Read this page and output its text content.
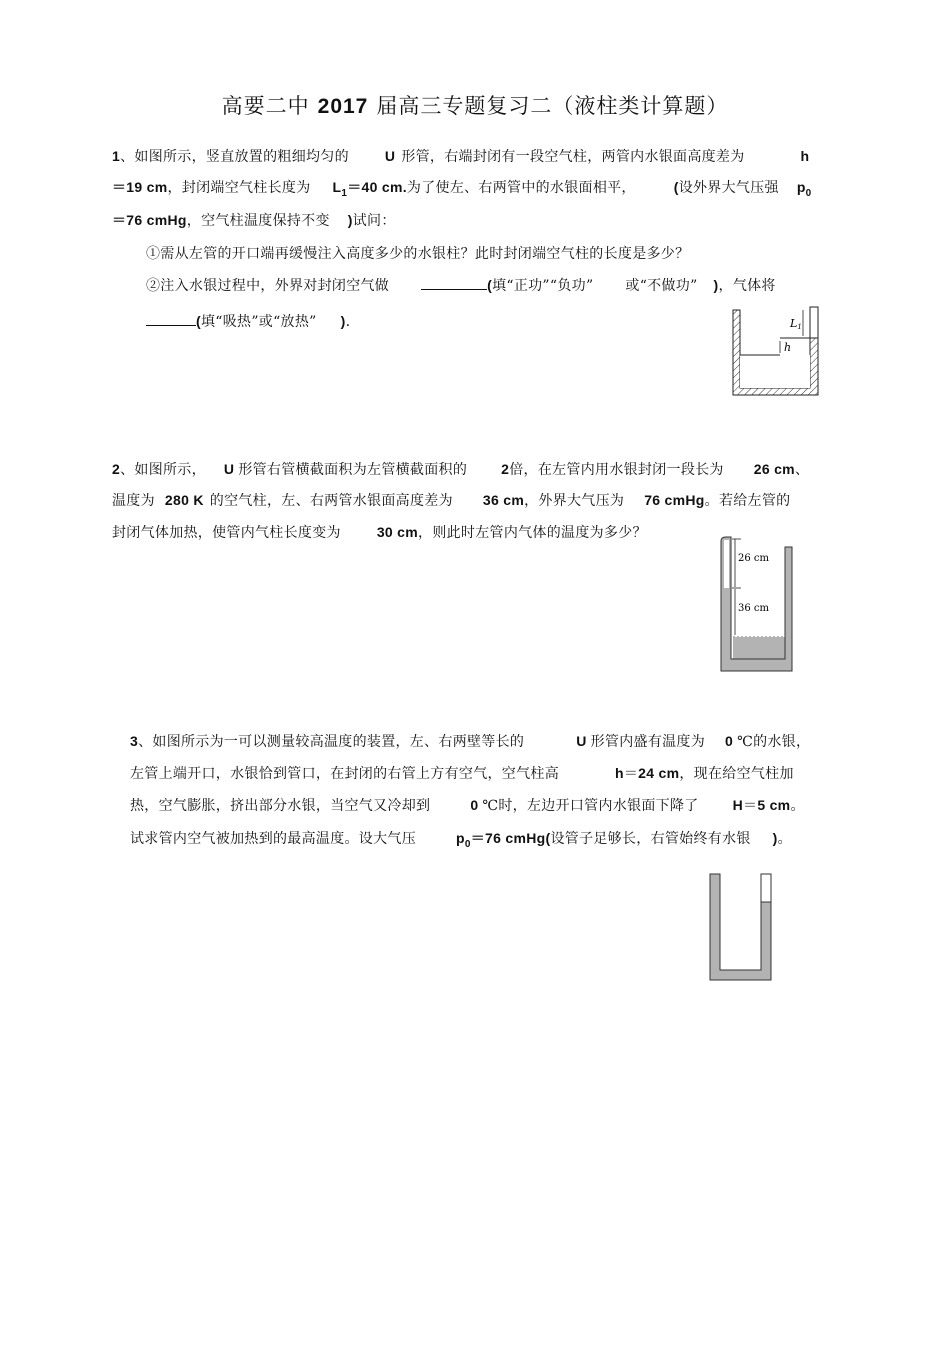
高要二中 2017 届高三专题复习二（液柱类计算题）
1、如图所示，竖直放置的粗细均匀的	U 形管，右端封闭有一段空气柱，两管内水银面高度差为	h
＝19 cm，封闭端空气柱长度为 $L_1=40$ cm.为了使左、右两管中的水银面相平，	(设外界大气压强 $p_0$
＝76 cmHg，空气柱温度保持不变 )试问：
①需从左管的开口端再缓慢注入高度多少的水银柱？此时封闭端空气柱的长度是多少？
②注入水银过程中，外界对封闭空气做	(填“正功”“负功” 或“不做功” )，气体将
(填“吸热”或“放热” ).	L1
h
2、如图所示， U 形管右管横截面积为左管横截面积的 2倍，在左管内用水银封闭一段长为 26 cm、
温度为 280 K 的空气柱，左、右两管水银面高度差为 36 cm，外界大气压为 76 cmHg。若给左管的
封闭气体加热，使管内气柱长度变为	30 cm，则此时左管内气体的温度为多少？
26 cm
36 cm
3、如图所示为一可以测量较高温度的装置，左、右两壁等长的	U 形管内盛有温度为 0 ℃的水银，
左管上端开口，水银恰到管口，在封闭的右管上方有空气，空气柱高	h＝24 cm，现在给空气柱加
热，空气膨胀，挤出部分水银，当空气又冷却到	0 ℃时，左边开口管内水银面下降了 H＝5 cm。
试求管内空气被加热到的最高温度。设大气压	$p_0=76$ cmHg(设管子足够长，右管始终有水银 )。
